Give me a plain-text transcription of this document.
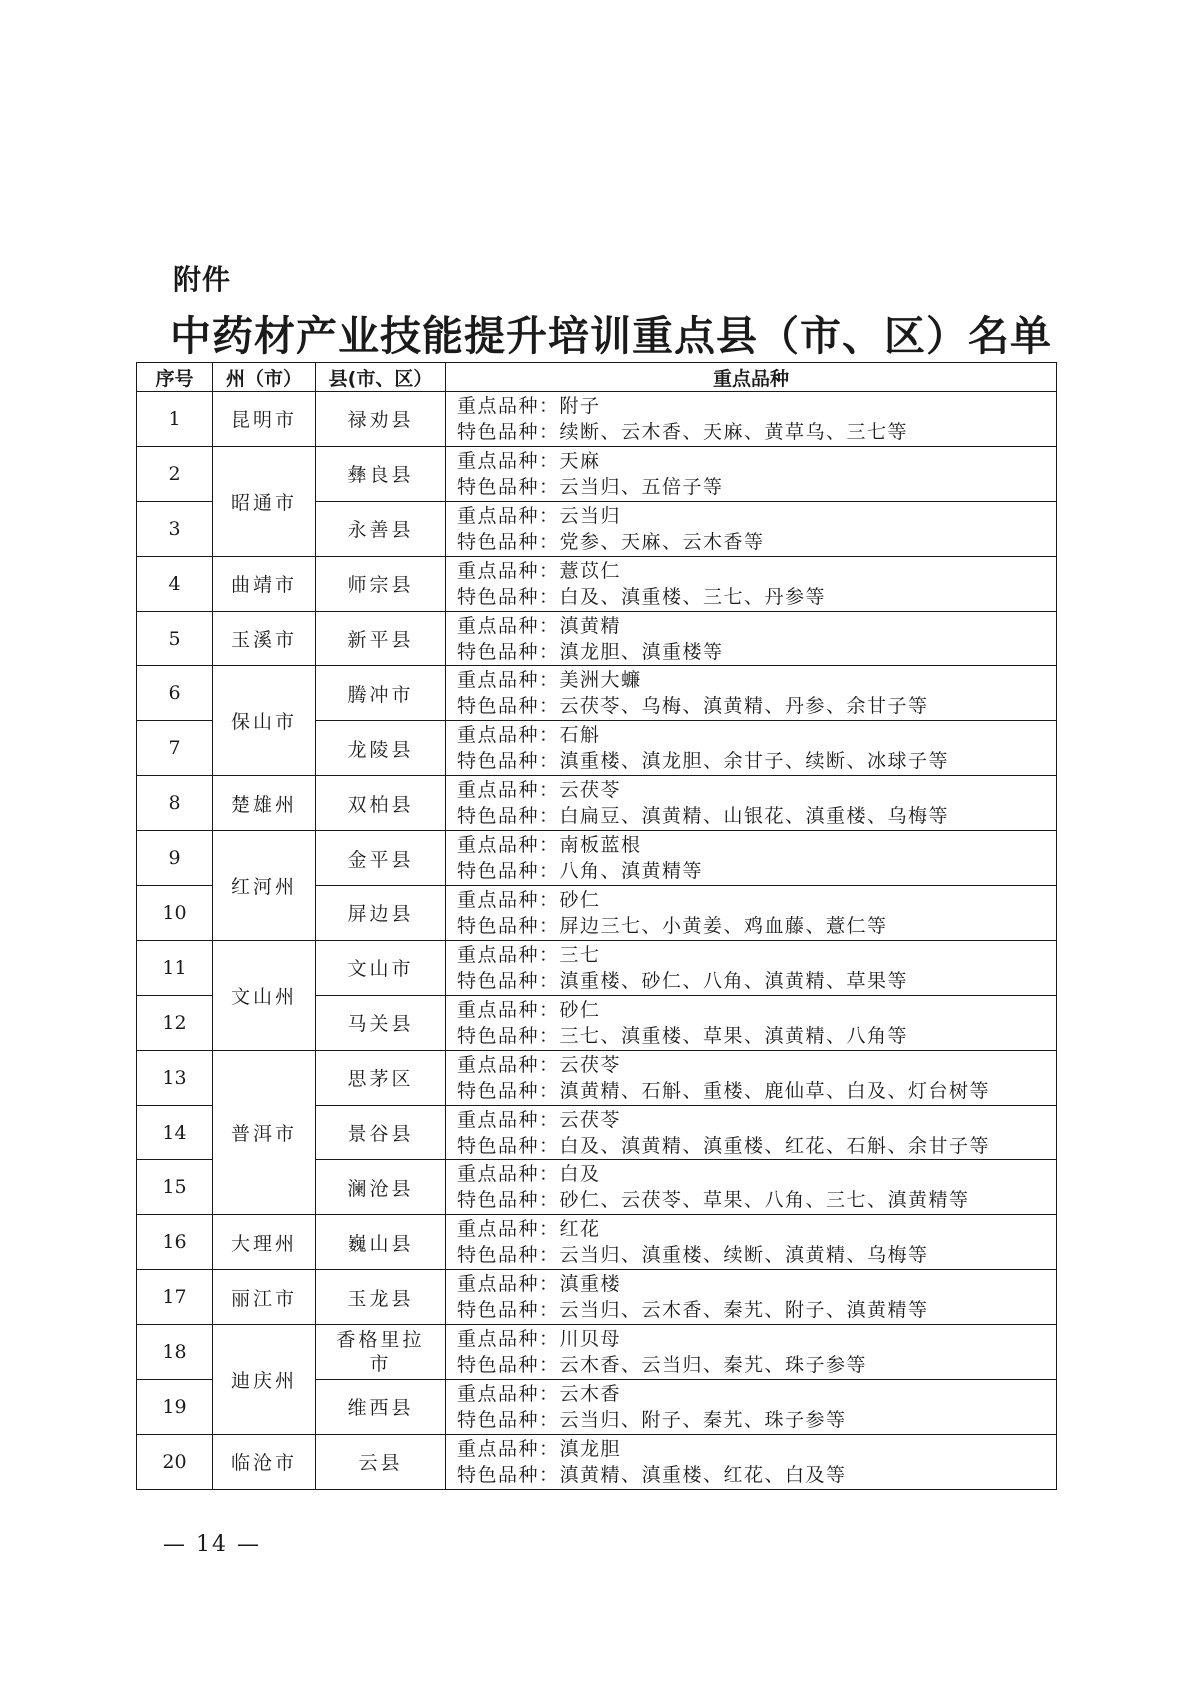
附件
中药材产业技能提升培训重点县（市、区）名单
序号	州（市）	县(市、区）	重点品种
1	昆明市	禄劝县	重点品种：附子
特色品种：续断、云木香、天麻、黄草乌、三七等

2	昭通市	彝良县	重点品种：天麻
特色品种：云当归、五倍子等

3		永善县	重点品种：云当归
特色品种：党参、天麻、云木香等

4	曲靖市	师宗县	重点品种：薏苡仁
特色品种：白及、滇重楼、三七、丹参等

5	玉溪市	新平县	重点品种：滇黄精
特色品种：滇龙胆、滇重楼等

6	保山市	腾冲市	重点品种：美洲大蠊
特色品种：云茯苓、乌梅、滇黄精、丹参、余甘子等

7		龙陵县	重点品种：石斛
特色品种：滇重楼、滇龙胆、余甘子、续断、冰球子等

8	楚雄州	双柏县	重点品种：云茯苓
特色品种：白扁豆、滇黄精、山银花、滇重楼、乌梅等

9	红河州	金平县	重点品种：南板蓝根
特色品种：八角、滇黄精等

10		屏边县	重点品种：砂仁
特色品种：屏边三七、小黄姜、鸡血藤、薏仁等

11	文山州	文山市	重点品种：三七
特色品种：滇重楼、砂仁、八角、滇黄精、草果等

12		马关县	重点品种：砂仁
特色品种：三七、滇重楼、草果、滇黄精、八角等

13	普洱市	思茅区	重点品种：云茯苓
特色品种：滇黄精、石斛、重楼、鹿仙草、白及、灯台树等

14		景谷县	重点品种：云茯苓
特色品种：白及、滇黄精、滇重楼、红花、石斛、余甘子等

15		澜沧县	重点品种：白及
特色品种：砂仁、云茯苓、草果、八角、三七、滇黄精等

16	大理州	巍山县	重点品种：红花
特色品种：云当归、滇重楼、续断、滇黄精、乌梅等

17	丽江市	玉龙县	重点品种：滇重楼
特色品种：云当归、云木香、秦艽、附子、滇黄精等

18	迪庆州	香格里拉市	重点品种：川贝母
特色品种：云木香、云当归、秦艽、珠子参等

19		维西县	重点品种：云木香
特色品种：云当归、附子、秦艽、珠子参等

20	临沧市	云县	重点品种：滇龙胆
特色品种：滇黄精、滇重楼、红花、白及等
— 14 —
